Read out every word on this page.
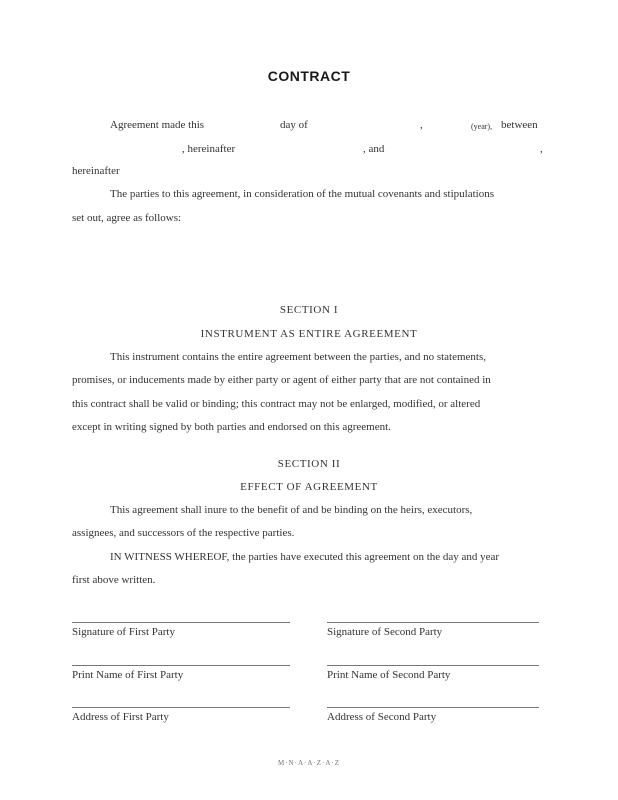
CONTRACT
Agreement made this	day of	,	(year), between
, hereinafter	, and	,
hereinafter
The parties to this agreement, in consideration of the mutual covenants and stipulations
set out, agree as follows:
SECTION I
INSTRUMENT AS ENTIRE AGREEMENT
This instrument contains the entire agreement between the parties, and no statements,
promises, or inducements made by either party or agent of either party that are not contained in
this contract shall be valid or binding; this contract may not be enlarged, modified, or altered
except in writing signed by both parties and endorsed on this agreement.
SECTION II
EFFECT OF AGREEMENT
This agreement shall inure to the benefit of and be binding on the heirs, executors,
assignees, and successors of the respective parties.
IN WITNESS WHEREOF, the parties have executed this agreement on the day and year
first above written.
Signature of First Party	Signature of Second Party
Print Name of First Party	Print Name of Second Party
Address of First Party	Address of Second Party
M·N·A·A·Z·A·Z
